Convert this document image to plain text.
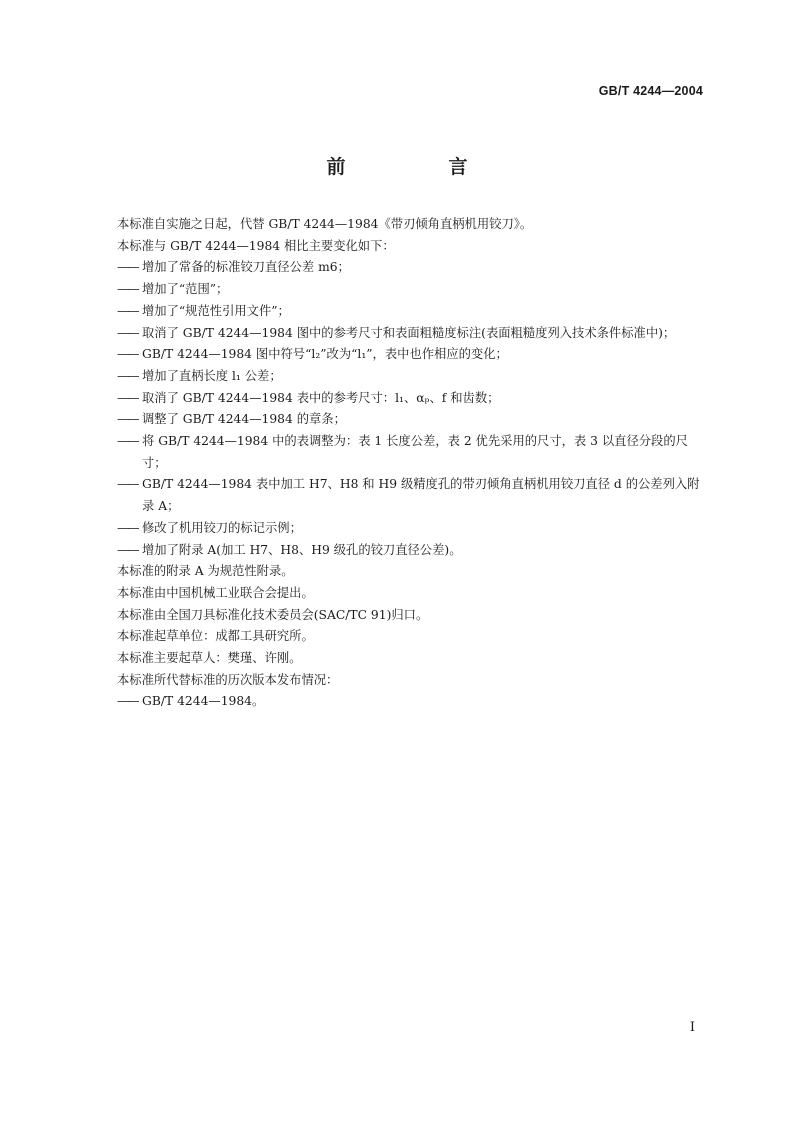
GB/T 4244—2004
前　言
本标准自实施之日起，代替 GB/T 4244—1984《带刃倾角直柄机用铰刀》。
本标准与 GB/T 4244—1984 相比主要变化如下：
—— 增加了常备的标准铰刀直径公差 m6；
—— 增加了“范围”；
—— 增加了“规范性引用文件”；
—— 取消了 GB/T 4244—1984 图中的参考尺寸和表面粗糙度标注(表面粗糙度列入技术条件标准中)；
—— GB/T 4244—1984 图中符号“l₂”改为“l₁”，表中也作相应的变化；
—— 增加了直柄长度 l₁ 公差；
—— 取消了 GB/T 4244—1984 表中的参考尺寸：l₁、αₚ、f 和齿数；
—— 调整了 GB/T 4244—1984 的章条；
—— 将 GB/T 4244—1984 中的表调整为：表 1 长度公差，表 2 优先采用的尺寸，表 3 以直径分段的尺寸；
—— GB/T 4244—1984 表中加工 H7、H8 和 H9 级精度孔的带刃倾角直柄机用铰刀直径 d 的公差列入附录 A；
—— 修改了机用铰刀的标记示例；
—— 增加了附录 A(加工 H7、H8、H9 级孔的铰刀直径公差)。
本标准的附录 A 为规范性附录。
本标准由中国机械工业联合会提出。
本标准由全国刀具标准化技术委员会(SAC/TC 91)归口。
本标准起草单位：成都工具研究所。
本标准主要起草人：樊瑾、许刚。
本标准所代替标准的历次版本发布情况：
—— GB/T 4244—1984。
I
